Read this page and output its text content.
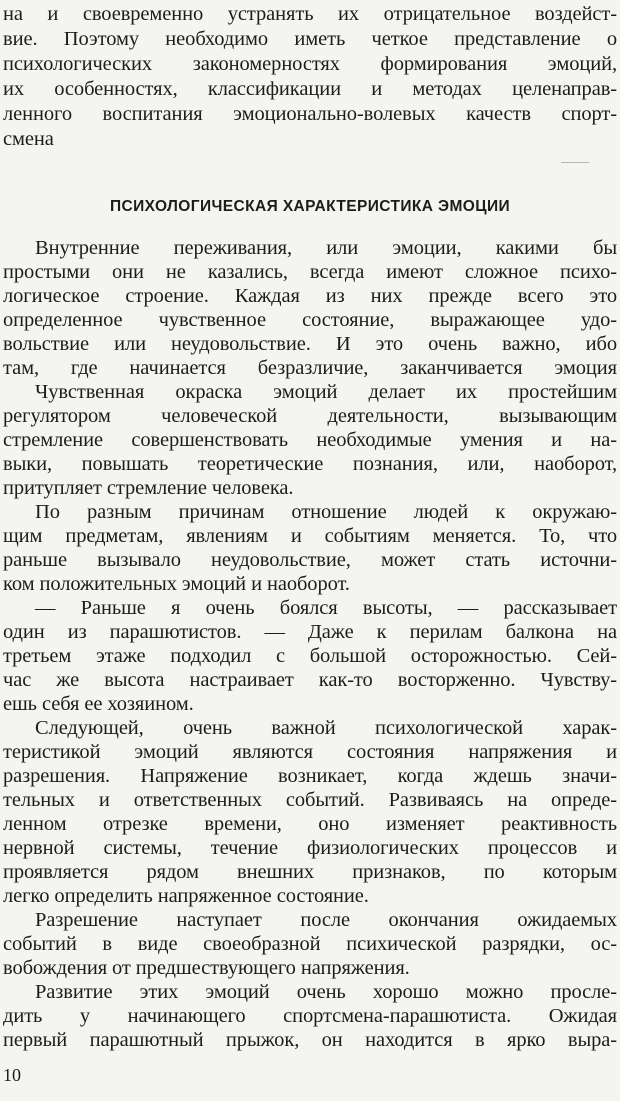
на и своевременно устранять их отрицательное воздейст-
вие. Поэтому необходимо иметь четкое представление о
психологических закономерностях формирования эмоций,
их особенностях, классификации и методах целенаправ-
ленного воспитания эмоционально-волевых качеств спорт-
смена
ПСИХОЛОГИЧЕСКАЯ ХАРАКТЕРИСТИКА ЭМОЦИИ
Внутренние переживания, или эмоции, какими бы
простыми они не казались, всегда имеют сложное психо-
логическое строение. Каждая из них прежде всего это
определенное чувственное состояние, выражающее удо-
вольствие или неудовольствие. И это очень важно, ибо
там, где начинается безразличие, заканчивается эмоция
Чувственная окраска эмоций делает их простейшим
регулятором человеческой деятельности, вызывающим
стремление совершенствовать необходимые умения и на-
выки, повышать теоретические познания, или, наоборот,
притупляет стремление человека.
По разным причинам отношение людей к окружаю-
щим предметам, явлениям и событиям меняется. То, что
раньше вызывало неудовольствие, может стать источни-
ком положительных эмоций и наоборот.
— Раньше я очень боялся высоты, — рассказывает
один из парашютистов. — Даже к перилам балкона на
третьем этаже подходил с большой осторожностью. Сей-
час же высота настраивает как-то восторженно. Чувству-
ешь себя ее хозяином.
Следующей, очень важной психологической харак-
теристикой эмоций являются состояния напряжения и
разрешения. Напряжение возникает, когда ждешь значи-
тельных и ответственных событий. Развиваясь на опреде-
ленном отрезке времени, оно изменяет реактивность
нервной системы, течение физиологических процессов и
проявляется рядом внешних признаков, по которым
легко определить напряженное состояние.
Разрешение наступает после окончания ожидаемых
событий в виде своеобразной психической разрядки, ос-
вобождения от предшествующего напряжения.
Развитие этих эмоций очень хорошо можно просле-
дить у начинающего спортсмена-парашютиста. Ожидая
первый парашютный прыжок, он находится в ярко выра-
10
